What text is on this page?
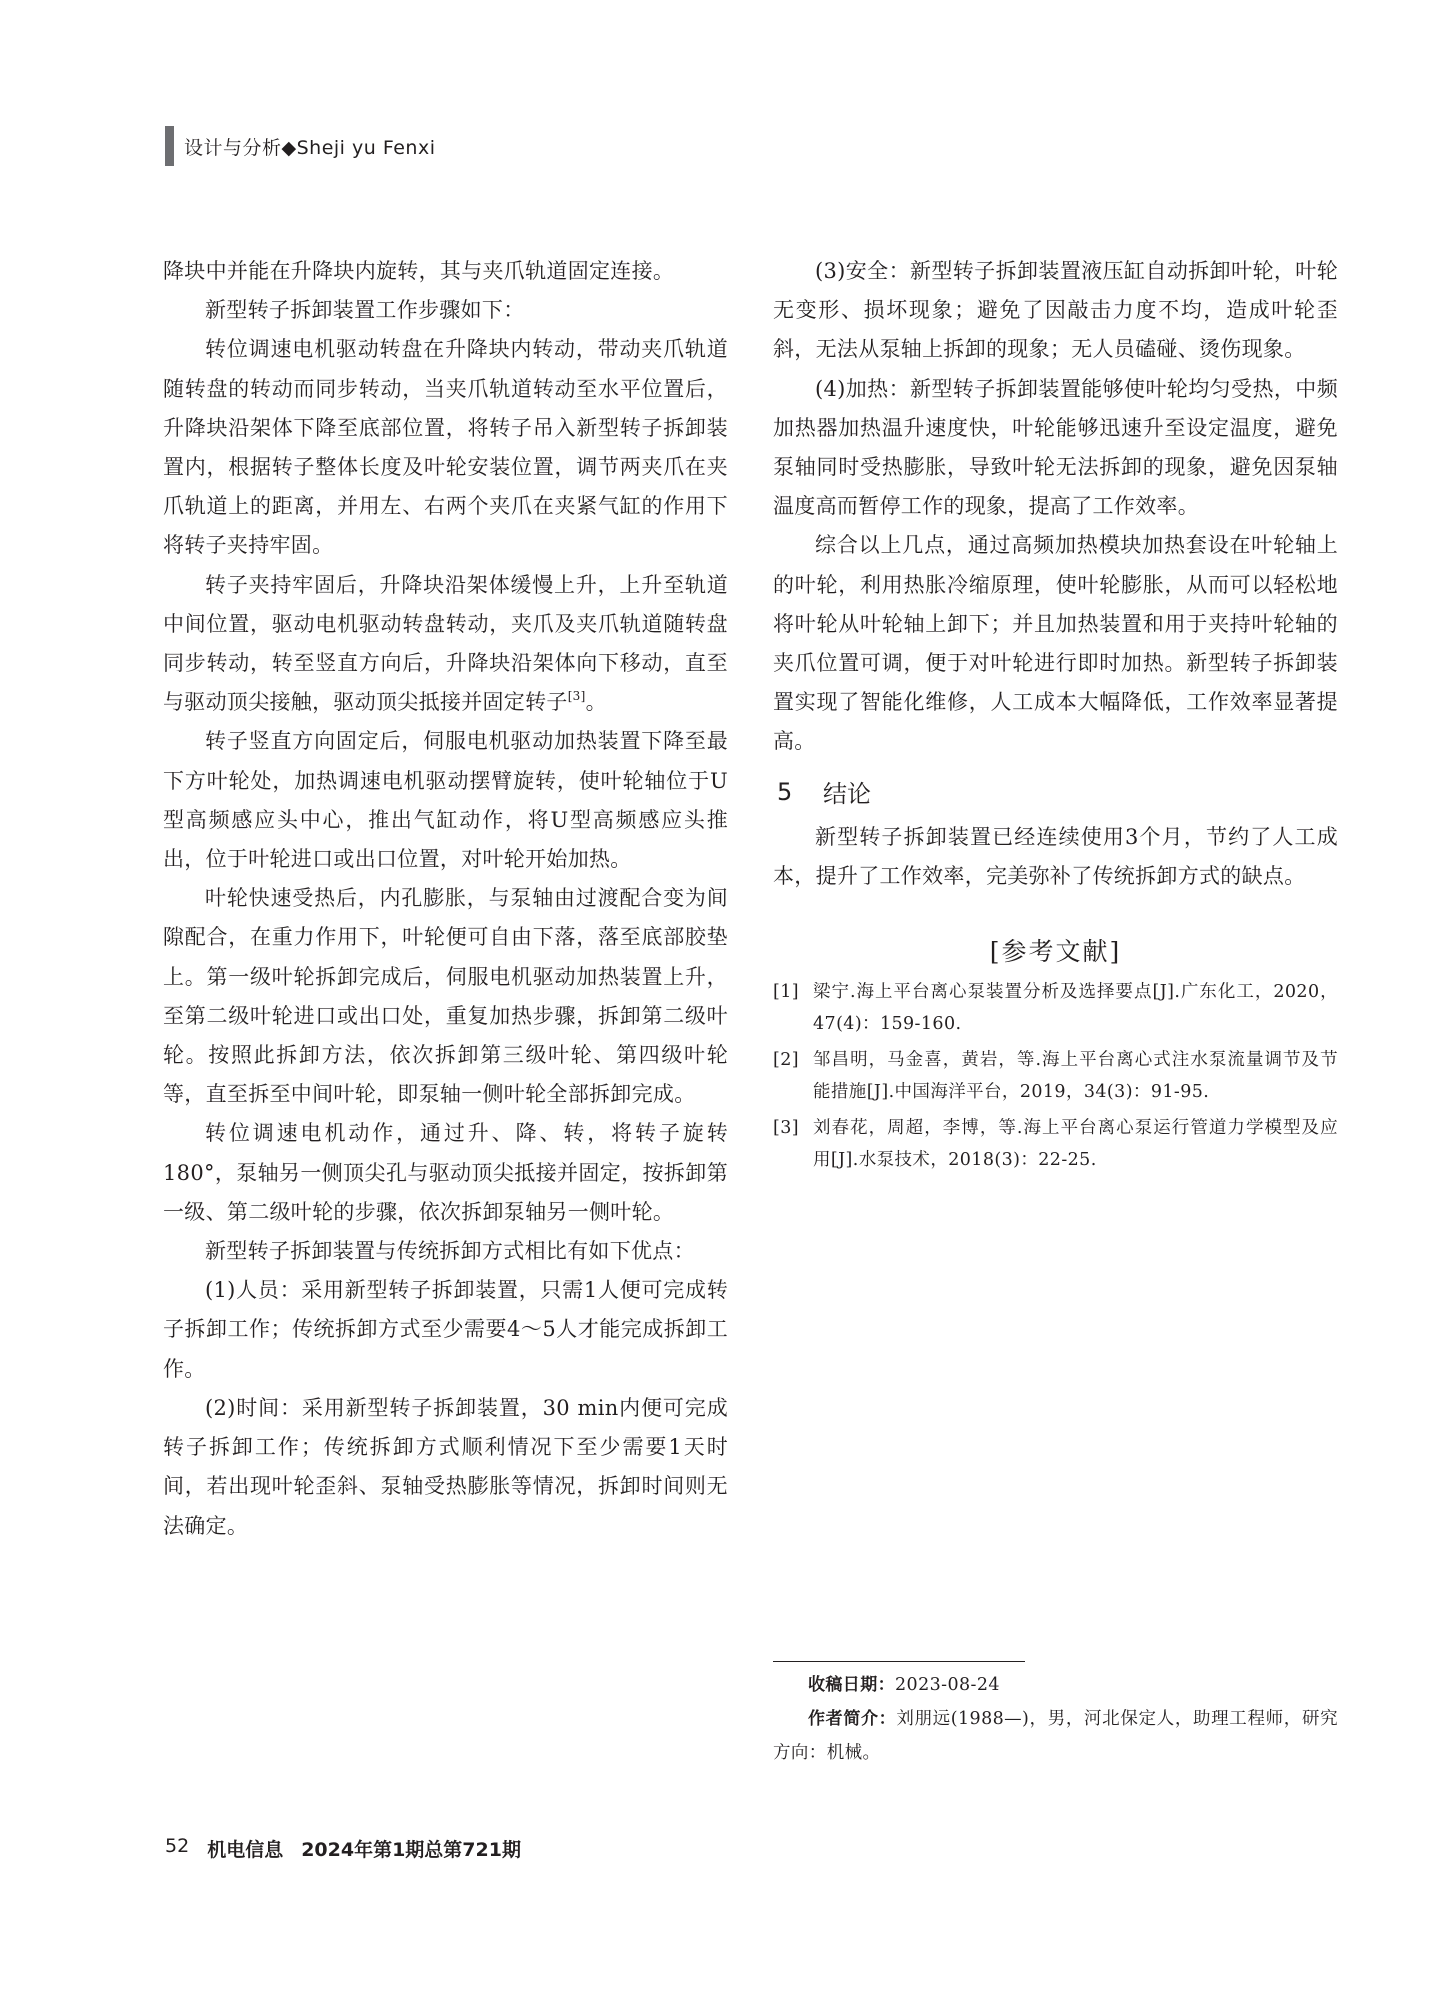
设计与分析◆Sheji yu Fenxi

降块中并能在升降块内旋转，其与夹爪轨道固定连接。

新型转子拆卸装置工作步骤如下：

转位调速电机驱动转盘在升降块内转动，带动夹爪轨道随转盘的转动而同步转动，当夹爪轨道转动至水平位置后，升降块沿架体下降至底部位置，将转子吊入新型转子拆卸装置内，根据转子整体长度及叶轮安装位置，调节两夹爪在夹爪轨道上的距离，并用左、右两个夹爪在夹紧气缸的作用下将转子夹持牢固。

转子夹持牢固后，升降块沿架体缓慢上升，上升至轨道中间位置，驱动电机驱动转盘转动，夹爪及夹爪轨道随转盘同步转动，转至竖直方向后，升降块沿架体向下移动，直至与驱动顶尖接触，驱动顶尖抵接并固定转子[3]。

转子竖直方向固定后，伺服电机驱动加热装置下降至最下方叶轮处，加热调速电机驱动摆臂旋转，使叶轮轴位于U型高频感应头中心，推出气缸动作，将U型高频感应头推出，位于叶轮进口或出口位置，对叶轮开始加热。

叶轮快速受热后，内孔膨胀，与泵轴由过渡配合变为间隙配合，在重力作用下，叶轮便可自由下落，落至底部胶垫上。第一级叶轮拆卸完成后，伺服电机驱动加热装置上升，至第二级叶轮进口或出口处，重复加热步骤，拆卸第二级叶轮。按照此拆卸方法，依次拆卸第三级叶轮、第四级叶轮等，直至拆至中间叶轮，即泵轴一侧叶轮全部拆卸完成。

转位调速电机动作，通过升、降、转，将转子旋转180°，泵轴另一侧顶尖孔与驱动顶尖抵接并固定，按拆卸第一级、第二级叶轮的步骤，依次拆卸泵轴另一侧叶轮。

新型转子拆卸装置与传统拆卸方式相比有如下优点：

(1)人员：采用新型转子拆卸装置，只需1人便可完成转子拆卸工作；传统拆卸方式至少需要4～5人才能完成拆卸工作。

(2)时间：采用新型转子拆卸装置，30 min内便可完成转子拆卸工作；传统拆卸方式顺利情况下至少需要1天时间，若出现叶轮歪斜、泵轴受热膨胀等情况，拆卸时间则无法确定。

(3)安全：新型转子拆卸装置液压缸自动拆卸叶轮，叶轮无变形、损坏现象；避免了因敲击力度不均，造成叶轮歪斜，无法从泵轴上拆卸的现象；无人员磕碰、烫伤现象。

(4)加热：新型转子拆卸装置能够使叶轮均匀受热，中频加热器加热温升速度快，叶轮能够迅速升至设定温度，避免泵轴同时受热膨胀，导致叶轮无法拆卸的现象，避免因泵轴温度高而暂停工作的现象，提高了工作效率。

综合以上几点，通过高频加热模块加热套设在叶轮轴上的叶轮，利用热胀冷缩原理，使叶轮膨胀，从而可以轻松地将叶轮从叶轮轴上卸下；并且加热装置和用于夹持叶轮轴的夹爪位置可调，便于对叶轮进行即时加热。新型转子拆卸装置实现了智能化维修，人工成本大幅降低，工作效率显著提高。

5	结论

新型转子拆卸装置已经连续使用3个月，节约了人工成本，提升了工作效率，完美弥补了传统拆卸方式的缺点。

[参考文献]
[1] 梁宁.海上平台离心泵装置分析及选择要点[J].广东化工，2020，47(4)：159-160.
[2] 邹昌明，马金喜，黄岩，等.海上平台离心式注水泵流量调节及节能措施[J].中国海洋平台，2019，34(3)：91-95.
[3] 刘春花，周超，李博，等.海上平台离心泵运行管道力学模型及应用[J].水泵技术，2018(3)：22-25.
收稿日期：2023-08-24
作者简介：刘朋远(1988—)，男，河北保定人，助理工程师，研究方向：机械。
52 机电信息 2024年第1期总第721期
